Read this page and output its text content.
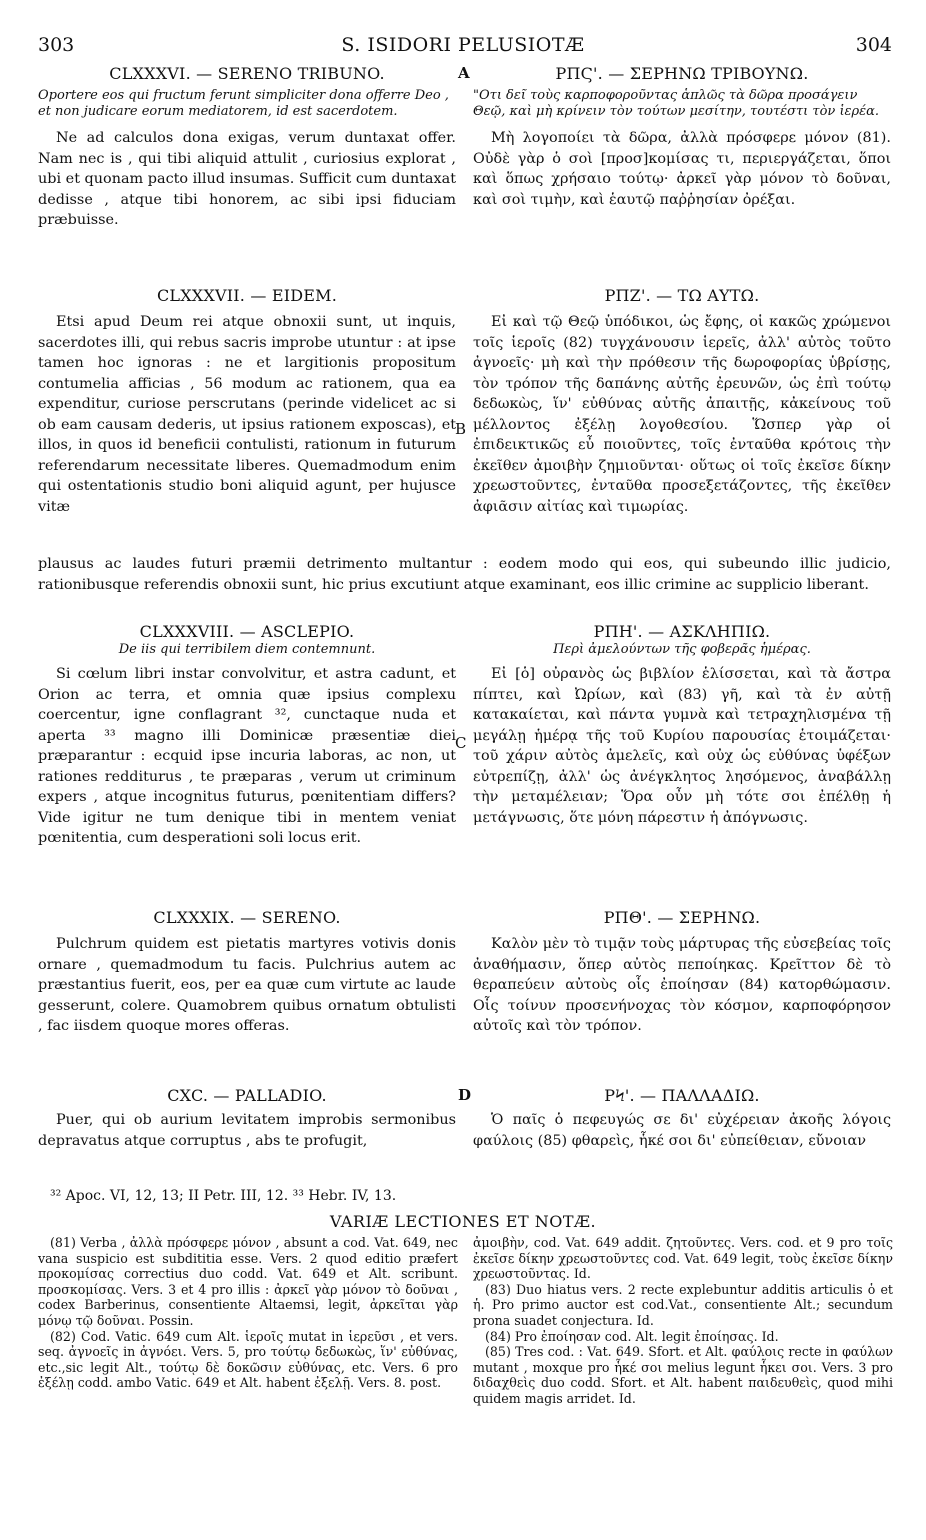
303	S. ISIDORI PELUSIOTÆ	304
A
B
C
D

CLXXXVI. — SERENO TRIBUNO.

Oportere eos qui fructum ferunt simpliciter dona offerre Deo , et non judicare eorum mediatorem, id est sacerdotem.

Ne ad calculos dona exigas, verum duntaxat offer. Nam nec is , qui tibi aliquid attulit , curiosius explorat , ubi et quonam pacto illud insumas. Sufficit cum duntaxat dedisse , atque tibi honorem, ac sibi ipsi fiduciam præbuisse.

ΡΠϚ'. — ΣΕΡΗΝΩ ΤΡΙΒΟΥΝΩ.

"Οτι δεῖ τοὺς καρποφοροῦντας ἁπλῶς τὰ δῶρα προσάγειν Θεῷ, καὶ μὴ κρίνειν τὸν τούτων μεσίτην, τουτέστι τὸν ἱερέα.

Μὴ λογοποίει τὰ δῶρα, ἀλλὰ πρόσφερε μόνον (81). Οὐδὲ γὰρ ὁ σοὶ [προσ]κομίσας τι, περιεργάζεται, ὅποι καὶ ὅπως χρήσαιο τούτῳ· ἀρκεῖ γὰρ μόνον τὸ δοῦναι, καὶ σοὶ τιμὴν, καὶ ἑαυτῷ παῤῥησίαν ὀρέξαι.

CLXXXVII. — EIDEM.

Etsi apud Deum rei atque obnoxii sunt, ut inquis, sacerdotes illi, qui rebus sacris improbe utuntur : at ipse tamen hoc ignoras : ne et largitionis propositum contumelia afficias , 56 modum ac rationem, qua ea expenditur, curiose perscrutans (perinde videlicet ac si ob eam causam dederis, ut ipsius rationem exposcas), et illos, in quos id beneficii contulisti, rationum in futurum referendarum necessitate liberes. Quemadmodum enim qui ostentationis studio boni aliquid agunt, per hujusce vitæ

ΡΠΖ'. — ΤΩ ΑΥΤΩ.

Εἰ καὶ τῷ Θεῷ ὑπόδικοι, ὡς ἔφης, οἱ κακῶς χρώμενοι τοῖς ἱεροῖς (82) τυγχάνουσιν ἱερεῖς, ἀλλ' αὐτὸς τοῦτο ἀγνοεῖς· μὴ καὶ τὴν πρόθεσιν τῆς δωροφορίας ὑβρίσῃς, τὸν τρόπον τῆς δαπάνης αὐτῆς ἐρευνῶν, ὡς ἐπὶ τούτῳ δεδωκὼς, ἵν' εὐθύνας αὐτῆς ἀπαιτῇς, κἀκείνους τοῦ μέλλοντος ἐξέλῃ λογοθεσίου. Ὥσπερ γὰρ οἱ ἐπιδεικτικῶς εὖ ποιοῦντες, τοῖς ἐνταῦθα κρότοις τὴν ἐκεῖθεν ἀμοιβὴν ζημιοῦνται· οὕτως οἱ τοῖς ἐκεῖσε δίκην χρεωστοῦντες, ἐνταῦθα προσεξετάζοντες, τῆς ἐκεῖθεν ἀφιᾶσιν αἰτίας καὶ τιμωρίας.

plausus ac laudes futuri præmii detrimento multantur : eodem modo qui eos, qui subeundo illic judicio, rationibusque referendis obnoxii sunt, hic prius excutiunt atque examinant, eos illic crimine ac supplicio liberant.

CLXXXVIII. — ASCLEPIO.

De iis qui terribilem diem contemnunt.

Si cœlum libri instar convolvitur, et astra cadunt, et Orion ac terra, et omnia quæ ipsius complexu coercentur, igne conflagrant ³², cunctaque nuda et aperta ³³ magno illi Dominicæ præsentiæ diei præparantur : ecquid ipse incuria laboras, ac non, ut rationes redditurus , te præparas , verum ut criminum expers , atque incognitus futurus, pœnitentiam differs? Vide igitur ne tum denique tibi in mentem veniat pœnitentia, cum desperationi soli locus erit.

ΡΠΗ'. — ΑΣΚΛΗΠΙΩ.

Περὶ ἀμελούντων τῆς φοβερᾶς ἡμέρας.

Εἰ [ὁ] οὐρανὸς ὡς βιβλίον ἑλίσσεται, καὶ τὰ ἄστρα πίπτει, καὶ Ὠρίων, καὶ (83) γῆ, καὶ τὰ ἐν αὐτῇ κατακαίεται, καὶ πάντα γυμνὰ καὶ τετραχηλισμένα τῇ μεγάλῃ ἡμέρᾳ τῆς τοῦ Κυρίου παρουσίας ἑτοιμάζεται· τοῦ χάριν αὐτὸς ἀμελεῖς, καὶ οὐχ ὡς εὐθύνας ὑφέξων εὐτρεπίζῃ, ἀλλ' ὡς ἀνέγκλητος λησόμενος, ἀναβάλλῃ τὴν μεταμέλειαν; Ὅρα οὖν μὴ τότε σοι ἐπέλθῃ ἡ μετάγνωσις, ὅτε μόνη πάρεστιν ἡ ἀπόγνωσις.

CLXXXIX. — SERENO.

Pulchrum quidem est pietatis martyres votivis donis ornare , quemadmodum tu facis. Pulchrius autem ac præstantius fuerit, eos, per ea quæ cum virtute ac laude gesserunt, colere. Quamobrem quibus ornatum obtulisti , fac iisdem quoque mores offeras.

ΡΠΘ'. — ΣΕΡΗΝΩ.

Καλὸν μὲν τὸ τιμᾷν τοὺς μάρτυρας τῆς εὐσεβείας τοῖς ἀναθήμασιν, ὅπερ αὐτὸς πεποίηκας. Κρεῖττον δὲ τὸ θεραπεύειν αὐτοὺς οἷς ἐποίησαν (84) κατορθώμασιν. Οἷς τοίνυν προσενήνοχας τὸν κόσμον, καρποφόρησον αὐτοῖς καὶ τὸν τρόπον.

CXC. — PALLADIO.

Puer, qui ob aurium levitatem improbis sermonibus depravatus atque corruptus , abs te profugit,

ΡϞ'. — ΠΑΛΛΑΔΙΩ.

Ὁ παῖς ὁ πεφευγώς σε δι' εὐχέρειαν ἀκοῆς λόγοις φαύλοις (85) φθαρεὶς, ἧκέ σοι δι' εὐπείθειαν, εὔνοιαν

³² Apoc. VI, 12, 13; II Petr. III, 12. ³³ Hebr. IV, 13.
VARIÆ LECTIONES ET NOTÆ.

(81) Verba , ἀλλὰ πρόσφερε μόνον , absunt a cod. Vat. 649, nec vana suspicio est subdititia esse. Vers. 2 quod editio præfert προκομίσας correctius duo codd. Vat. 649 et Alt. scribunt. προσκομίσας. Vers. 3 et 4 pro illis : ἀρκεῖ γὰρ μόνον τὸ δοῦναι , codex Barberinus, consentiente Altaemsi, legit, ἀρκεῖται γὰρ μόνῳ τῷ δοῦναι. Possin.

(82) Cod. Vatic. 649 cum Alt. ἱεροῖς mutat in ἱερεῦσι , et vers. seq. ἀγνοεῖς in ἀγνόει. Vers. 5, pro τούτῳ δεδωκὼς, ἵν' εὐθύνας, etc.,sic legit Alt., τούτῳ δὲ δοκῶσιν εὐθύνας, etc. Vers. 6 pro ἐξέλῃ codd. ambo Vatic. 649 et Alt. habent ἐξελῇ. Vers. 8. post.

ἀμοιβὴν, cod. Vat. 649 addit. ζητοῦντες. Vers. cod. et 9 pro τοῖς ἐκεῖσε δίκην χρεωστοῦντες cod. Vat. 649 legit, τοὺς ἐκεῖσε δίκην χρεωστοῦντας. Id.

(83) Duo hiatus vers. 2 recte explebuntur additis articulis ὁ et ἡ. Pro primo auctor est cod.Vat., consentiente Alt.; secundum prona suadet conjectura. Id.

(84) Pro ἐποίησαν cod. Alt. legit ἐποίησας. Id.

(85) Tres cod. : Vat. 649. Sfort. et Alt. φαύλοις recte in φαύλων mutant , moxque pro ἧκέ σοι melius legunt ἧκει σοι. Vers. 3 pro διδαχθεὶς duo codd. Sfort. et Alt. habent παιδευθεὶς, quod mihi quidem magis arridet. Id.
